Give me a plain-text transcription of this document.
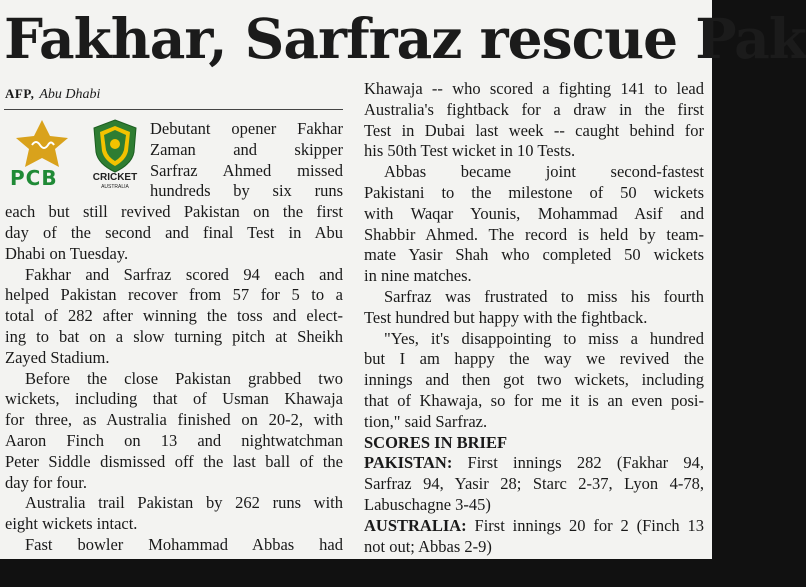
Fakhar, Sarfraz rescue Pak
AFP, Abu Dhabi
PCB	CRICKET
AUSTRALIA
Debutant opener Fakhar
Zaman and skipper
Sarfraz Ahmed missed
hundreds by six runs
each but still revived Pakistan on the first
day of the second and final Test in Abu
Dhabi on Tuesday.
Fakhar and Sarfraz scored 94 each and
helped Pakistan recover from 57 for 5 to a
total of 282 after winning the toss and elect-
ing to bat on a slow turning pitch at Sheikh
Zayed Stadium.
Before the close Pakistan grabbed two
wickets, including that of Usman Khawaja
for three, as Australia finished on 20-2, with
Aaron Finch on 13 and nightwatchman
Peter Siddle dismissed off the last ball of the
day for four.
Australia trail Pakistan by 262 runs with
eight wickets intact.
Fast bowler Mohammad Abbas had
Khawaja -- who scored a fighting 141 to lead
Australia's fightback for a draw in the first
Test in Dubai last week -- caught behind for
his 50th Test wicket in 10 Tests.
Abbas became joint second-fastest
Pakistani to the milestone of 50 wickets
with Waqar Younis, Mohammad Asif and
Shabbir Ahmed. The record is held by team-
mate Yasir Shah who completed 50 wickets
in nine matches.
Sarfraz was frustrated to miss his fourth
Test hundred but happy with the fightback.
"Yes, it's disappointing to miss a hundred
but I am happy the way we revived the
innings and then got two wickets, including
that of Khawaja, so for me it is an even posi-
tion," said Sarfraz.
SCORES IN BRIEF
PAKISTAN: First innings 282 (Fakhar 94,
Sarfraz 94, Yasir 28; Starc 2-37, Lyon 4-78,
Labuschagne 3-45)
AUSTRALIA: First innings 20 for 2 (Finch 13
not out; Abbas 2-9)
